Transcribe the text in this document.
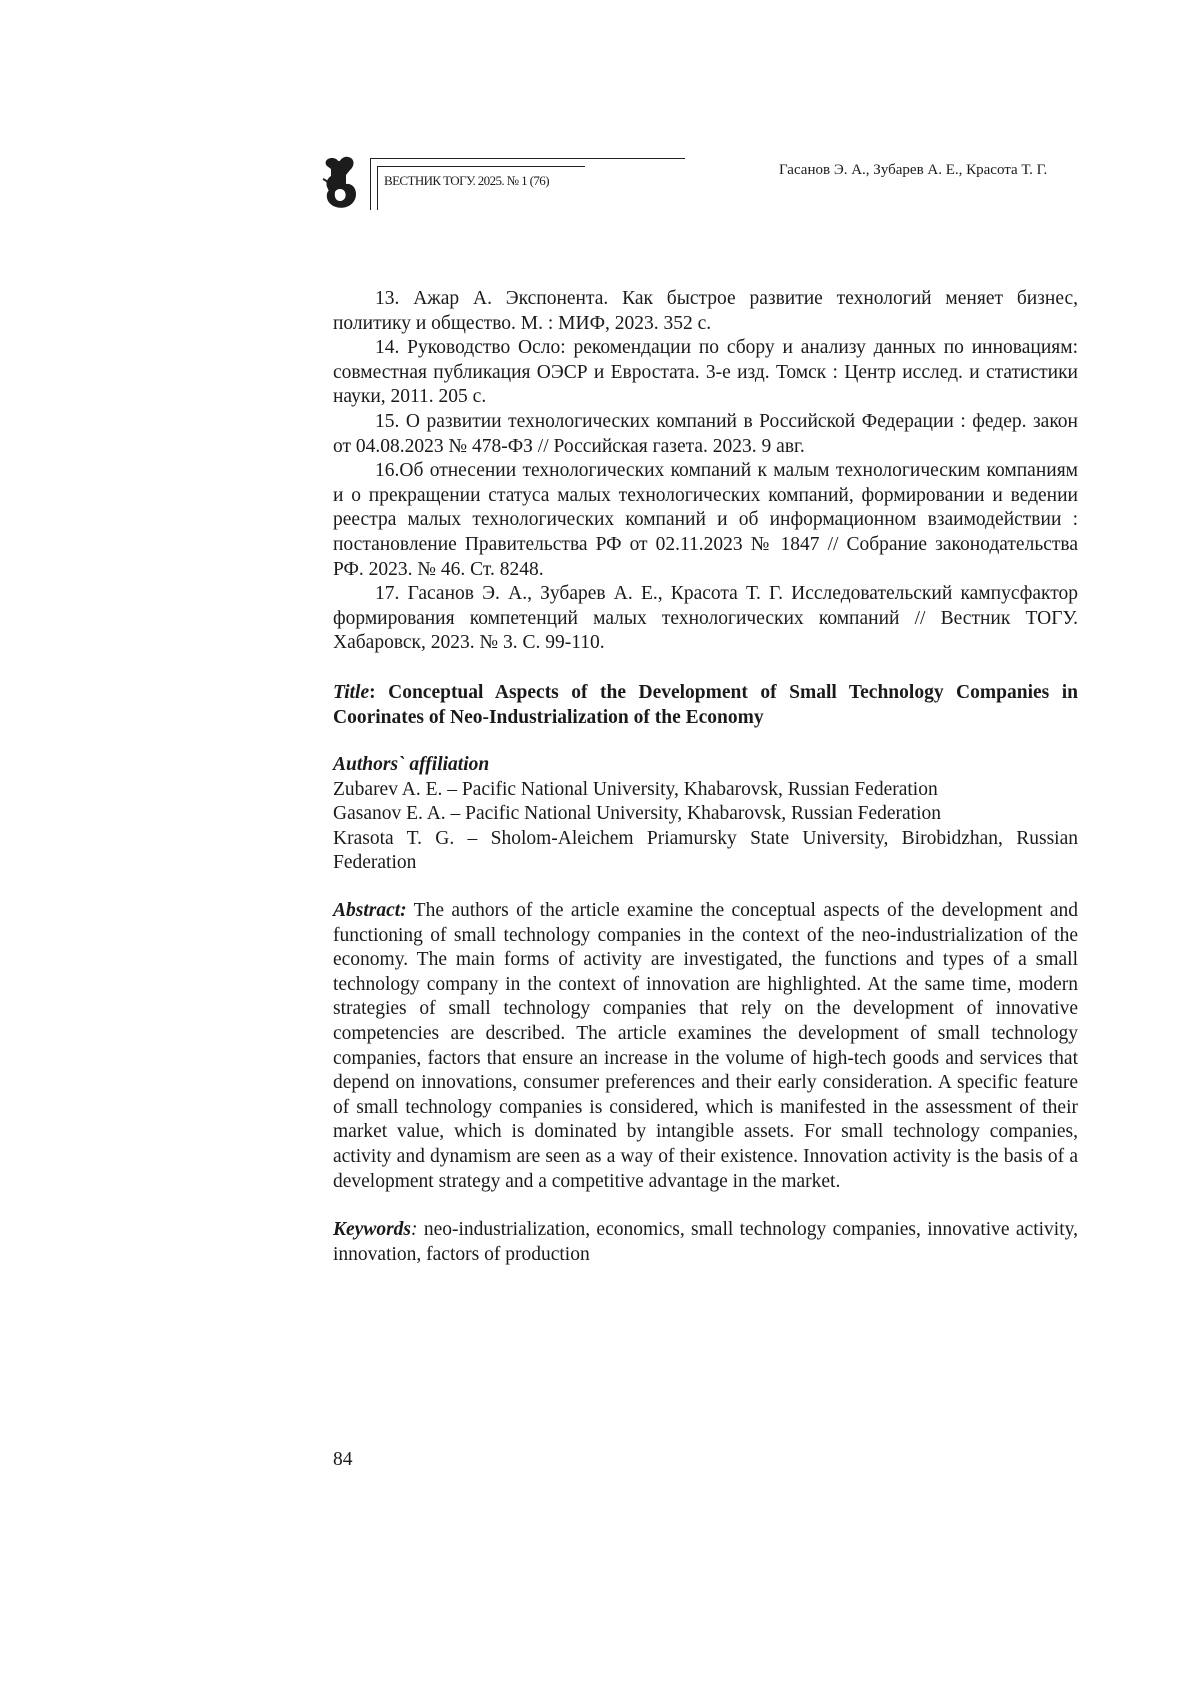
ВЕСТНИК ТОГУ. 2025. № 1 (76)
Гасанов Э. А., Зубарев А. Е., Красота Т. Г.

13. Ажар А. Экспонента. Как быстрое развитие технологий меняет бизнес, политику и общество. М. : МИФ, 2023. 352 с.

14. Руководство Осло: рекомендации по сбору и анализу данных по инновациям: совместная публикация ОЭСР и Евростата. 3-е изд. Томск : Центр исслед. и статистики науки, 2011. 205 с.

15. О развитии технологических компаний в Российской Федерации : федер. закон от 04.08.2023 № 478-ФЗ // Российская газета. 2023. 9 авг.

16.Об отнесении технологических компаний к малым технологическим компаниям и о прекращении статуса малых технологических компаний, формировании и ведении реестра малых технологических компаний и об информационном взаимодействии : постановление Правительства РФ от 02.11.2023 № 1847 // Собрание законодательства РФ. 2023. № 46. Ст. 8248.

17. Гасанов Э. А., Зубарев А. Е., Красота Т. Г. Исследовательский кампусфактор формирования компетенций малых технологических компаний // Вестник ТОГУ. Хабаровск, 2023. № 3. С. 99-110.

Title: Conceptual Aspects of the Development of Small Technology Companies in Coorinates of Neo-Industrialization of the Economy

Authors` affiliation

Zubarev A. E. – Pacific National University, Khabarovsk, Russian Federation

Gasanov E. A. – Pacific National University, Khabarovsk, Russian Federation

Krasota T. G. – Sholom-Aleichem Priamursky State University, Birobidzhan, Russian Federation

Abstract: The authors of the article examine the conceptual aspects of the development and functioning of small technology companies in the context of the neo-industrialization of the economy. The main forms of activity are investigated, the functions and types of a small technology company in the context of innovation are highlighted. At the same time, modern strategies of small technology companies that rely on the development of innovative competencies are described. The article examines the development of small technology companies, factors that ensure an increase in the volume of high-tech goods and services that depend on innovations, consumer preferences and their early consideration. A specific feature of small technology companies is considered, which is manifested in the assessment of their market value, which is dominated by intangible assets. For small technology companies, activity and dynamism are seen as a way of their existence. Innovation activity is the basis of a development strategy and a competitive advantage in the market.

Keywords: neo-industrialization, economics, small technology companies, innovative activity, innovation, factors of production

84
